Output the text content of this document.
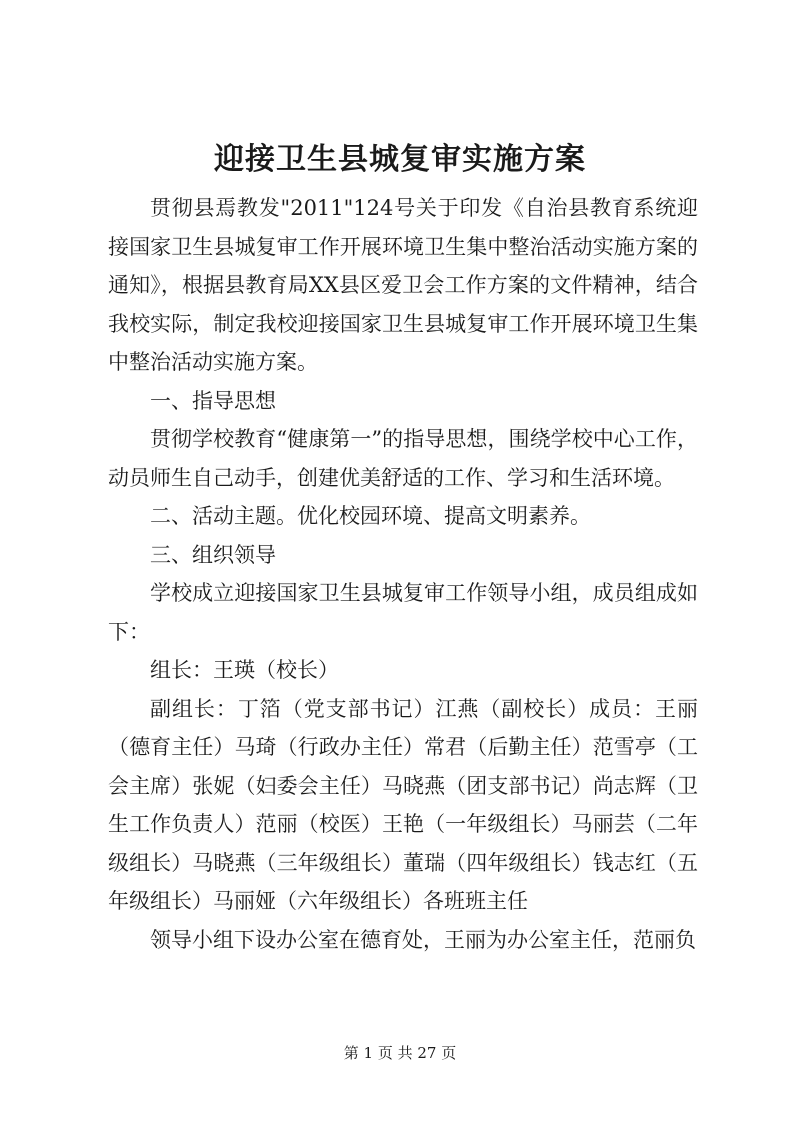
迎接卫生县城复审实施方案

贯彻县焉教发"2011"124号关于印发《自治县教育系统迎接国家卫生县城复审工作开展环境卫生集中整治活动实施方案的通知》，根据县教育局XX县区爱卫会工作方案的文件精神，结合我校实际，制定我校迎接国家卫生县城复审工作开展环境卫生集中整治活动实施方案。

一、指导思想

贯彻学校教育“健康第一”的指导思想，围绕学校中心工作，动员师生自己动手，创建优美舒适的工作、学习和生活环境。

二、活动主题。优化校园环境、提高文明素养。

三、组织领导

学校成立迎接国家卫生县城复审工作领导小组，成员组成如下：

组长：王瑛（校长）

副组长：丁箔（党支部书记）江燕（副校长）成员：王丽（德育主任）马琦（行政办主任）常君（后勤主任）范雪亭（工会主席）张妮（妇委会主任）马晓燕（团支部书记）尚志辉（卫生工作负责人）范丽（校医）王艳（一年级组长）马丽芸（二年级组长）马晓燕（三年级组长）董瑞（四年级组长）钱志红（五年级组长）马丽娅（六年级组长）各班班主任

领导小组下设办公室在德育处，王丽为办公室主任，范丽负

第 1 页 共 27 页
